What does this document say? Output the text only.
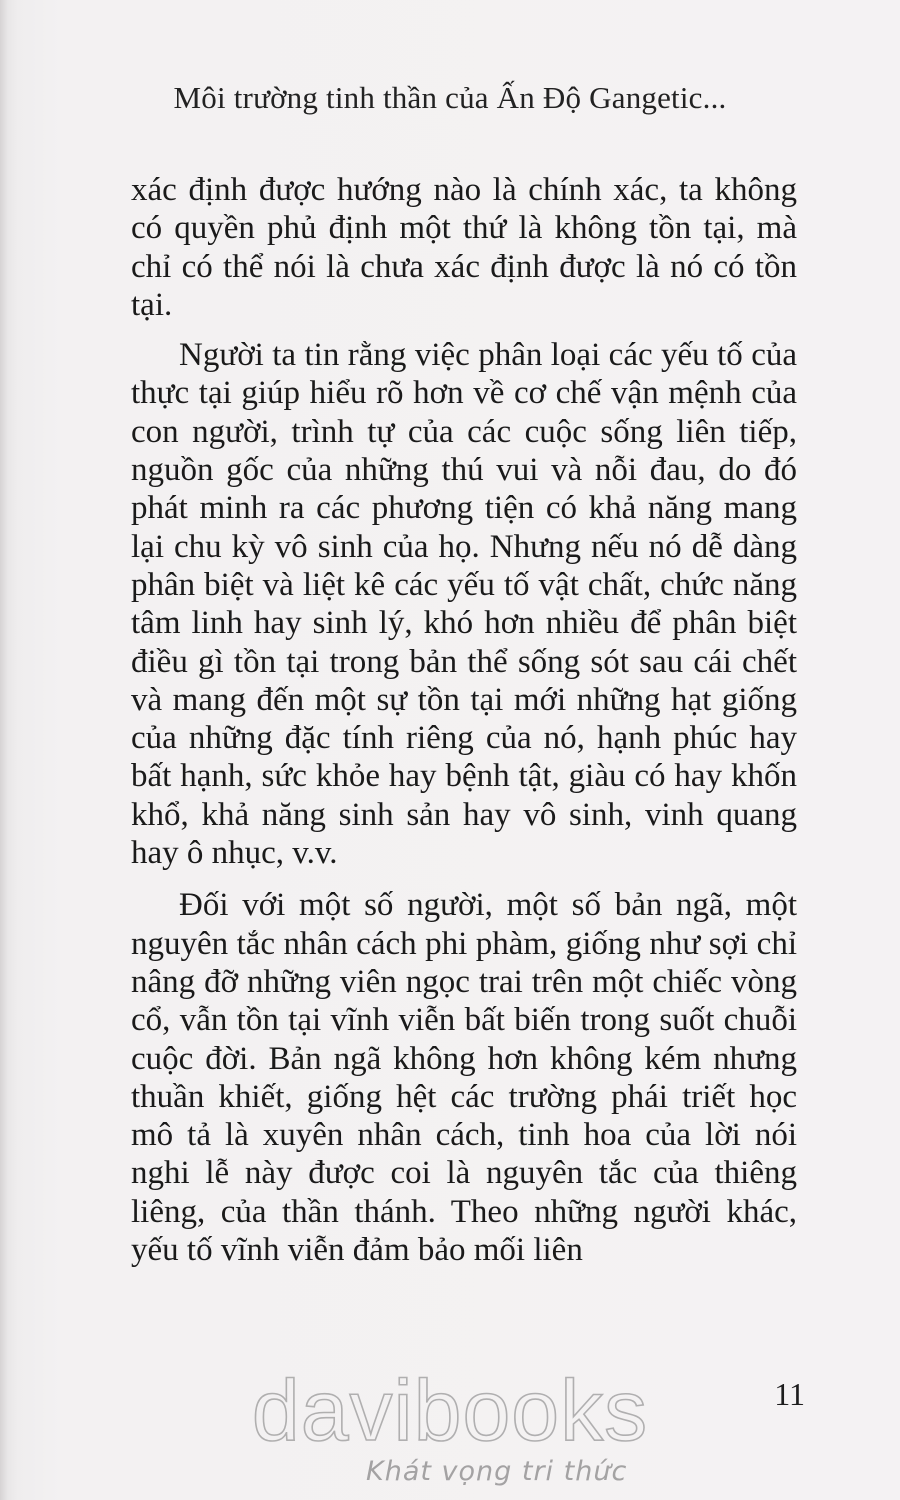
Môi trường tinh thần của Ấn Độ Gangetic...

xác định được hướng nào là chính xác, ta không có quyền phủ định một thứ là không tồn tại, mà chỉ có thể nói là chưa xác định được là nó có tồn tại.

Người ta tin rằng việc phân loại các yếu tố của thực tại giúp hiểu rõ hơn về cơ chế vận mệnh của con người, trình tự của các cuộc sống liên tiếp, nguồn gốc của những thú vui và nỗi đau, do đó phát minh ra các phương tiện có khả năng mang lại chu kỳ vô sinh của họ. Nhưng nếu nó dễ dàng phân biệt và liệt kê các yếu tố vật chất, chức năng tâm linh hay sinh lý, khó hơn nhiều để phân biệt điều gì tồn tại trong bản thể sống sót sau cái chết và mang đến một sự tồn tại mới những hạt giống của những đặc tính riêng của nó, hạnh phúc hay bất hạnh, sức khỏe hay bệnh tật, giàu có hay khốn khổ, khả năng sinh sản hay vô sinh, vinh quang hay ô nhục, v.v.

Đối với một số người, một số bản ngã, một nguyên tắc nhân cách phi phàm, giống như sợi chỉ nâng đỡ những viên ngọc trai trên một chiếc vòng cổ, vẫn tồn tại vĩnh viễn bất biến trong suốt chuỗi cuộc đời. Bản ngã không hơn không kém nhưng thuần khiết, giống hệt các trường phái triết học mô tả là xuyên nhân cách, tinh hoa của lời nói nghi lễ này được coi là nguyên tắc của thiêng liêng, của thần thánh. Theo những người khác, yếu tố vĩnh viễn đảm bảo mối liên

11
davibooks
Khát vọng tri thức
